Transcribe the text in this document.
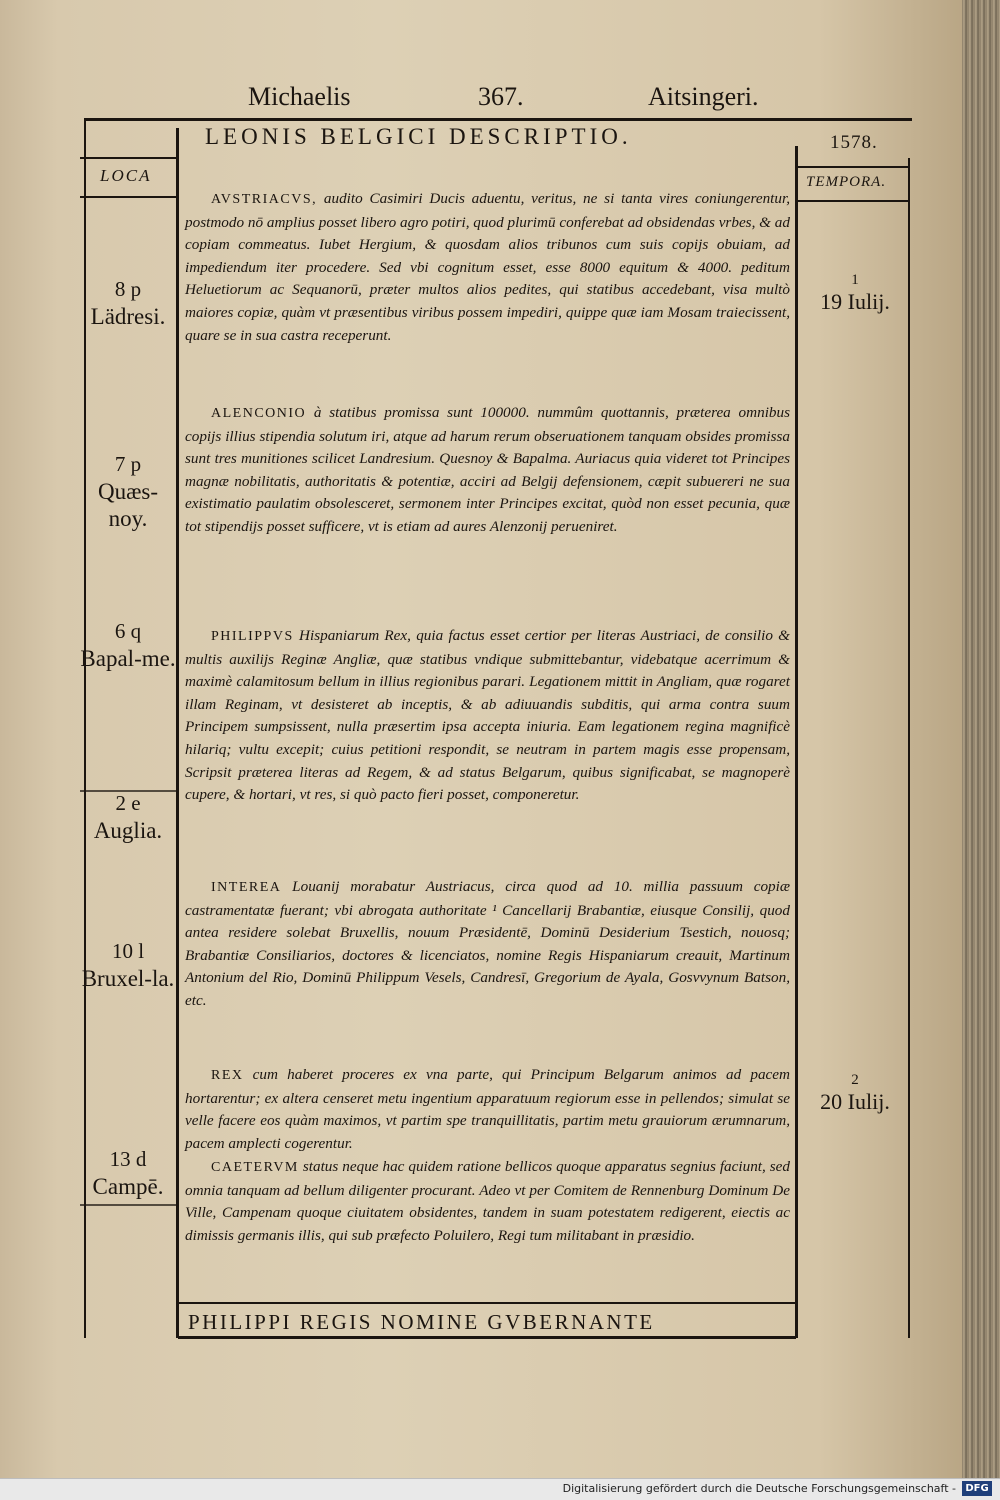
Michaelis	367.	Aitsingeri.
LEONIS BELGICI DESCRIPTIO.	1578.
LOCA	TEMPORA.
8 p
Lädresi.
7 p
Quæs-noy.
6 q
Bapal-me.
2 e
Auglia.
10 l
Bruxel-la.
13 d
Campē.
1
19 Iulij.
2
20 Iulij.
AVSTRIACVS, audito Casimiri Ducis aduentu, veritus, ne si tanta vires coniungerentur, postmodo nō amplius posset libero agro potiri, quod plurimū conferebat ad obsidendas vrbes, & ad copiam commeatus. Iubet Hergium, & quosdam alios tribunos cum suis copijs obuiam, ad impediendum iter procedere. Sed vbi cognitum esset, esse 8000 equitum & 4000. peditum Heluetiorum ac Sequanorū, præter multos alios pedites, qui statibus accedebant, visa multò maiores copiæ, quàm vt præsentibus viribus possem impediri, quippe quæ iam Mosam traiecissent, quare se in sua castra receperunt.
ALENCONIO à statibus promissa sunt 100000. nummûm quottannis, præterea omnibus copijs illius stipendia solutum iri, atque ad harum rerum obseruationem tanquam obsides promissa sunt tres munitiones scilicet Landresium. Quesnoy & Bapalma. Auriacus quia videret tot Principes magnæ nobilitatis, authoritatis & potentiæ, acciri ad Belgij defensionem, cæpit subuereri ne sua existimatio paulatim obsolesceret, sermonem inter Principes excitat, quòd non esset pecunia, quæ tot stipendijs posset sufficere, vt is etiam ad aures Alenzonij perueniret.
PHILIPPVS Hispaniarum Rex, quia factus esset certior per literas Austriaci, de consilio & multis auxilijs Reginæ Angliæ, quæ statibus vndique submittebantur, videbatque acerrimum & maximè calamitosum bellum in illius regionibus parari. Legationem mittit in Angliam, quæ rogaret illam Reginam, vt desisteret ab inceptis, & ab adiuuandis subditis, qui arma contra suum Principem sumpsissent, nulla præsertim ipsa accepta iniuria. Eam legationem regina magnificè hilariq; vultu excepit; cuius petitioni respondit, se neutram in partem magis esse propensam, Scripsit præterea literas ad Regem, & ad status Belgarum, quibus significabat, se magnoperè cupere, & hortari, vt res, si quò pacto fieri posset, componeretur.
INTEREA Louanij morabatur Austriacus, circa quod ad 10. millia passuum copiæ castramentatæ fuerant; vbi abrogata authoritate ¹ Cancellarij Brabantiæ, eiusque Consilij, quod antea residere solebat Bruxellis, nouum Præsidentē, Dominū Desiderium Tsestich, nouosq; Brabantiæ Consiliarios, doctores & licenciatos, nomine Regis Hispaniarum creauit, Martinum Antonium del Rio, Dominū Philippum Vesels, Candresī, Gregorium de Ayala, Gosvvynum Batson, etc.
REX cum haberet proceres ex vna parte, qui Principum Belgarum animos ad pacem hortarentur; ex altera censeret metu ingentium apparatuum regiorum esse in pellendos; simulat se velle facere eos quàm maximos, vt partim spe tranquillitatis, partim metu grauiorum ærumnarum, pacem amplecti cogerentur.
CAETERVM status neque hac quidem ratione bellicos quoque apparatus segnius faciunt, sed omnia tanquam ad bellum diligenter procurant. Adeo vt per Comitem de Rennenburg Dominum De Ville, Campenam quoque ciuitatem obsidentes, tandem in suam potestatem redigerent, eiectis ac dimissis germanis illis, qui sub præfecto Poluilero, Regi tum militabant in præsidio.
PHILIPPI REGIS NOMINE GVBERNANTE
Digitalisierung gefördert durch die Deutsche Forschungsgemeinschaft - DFG
